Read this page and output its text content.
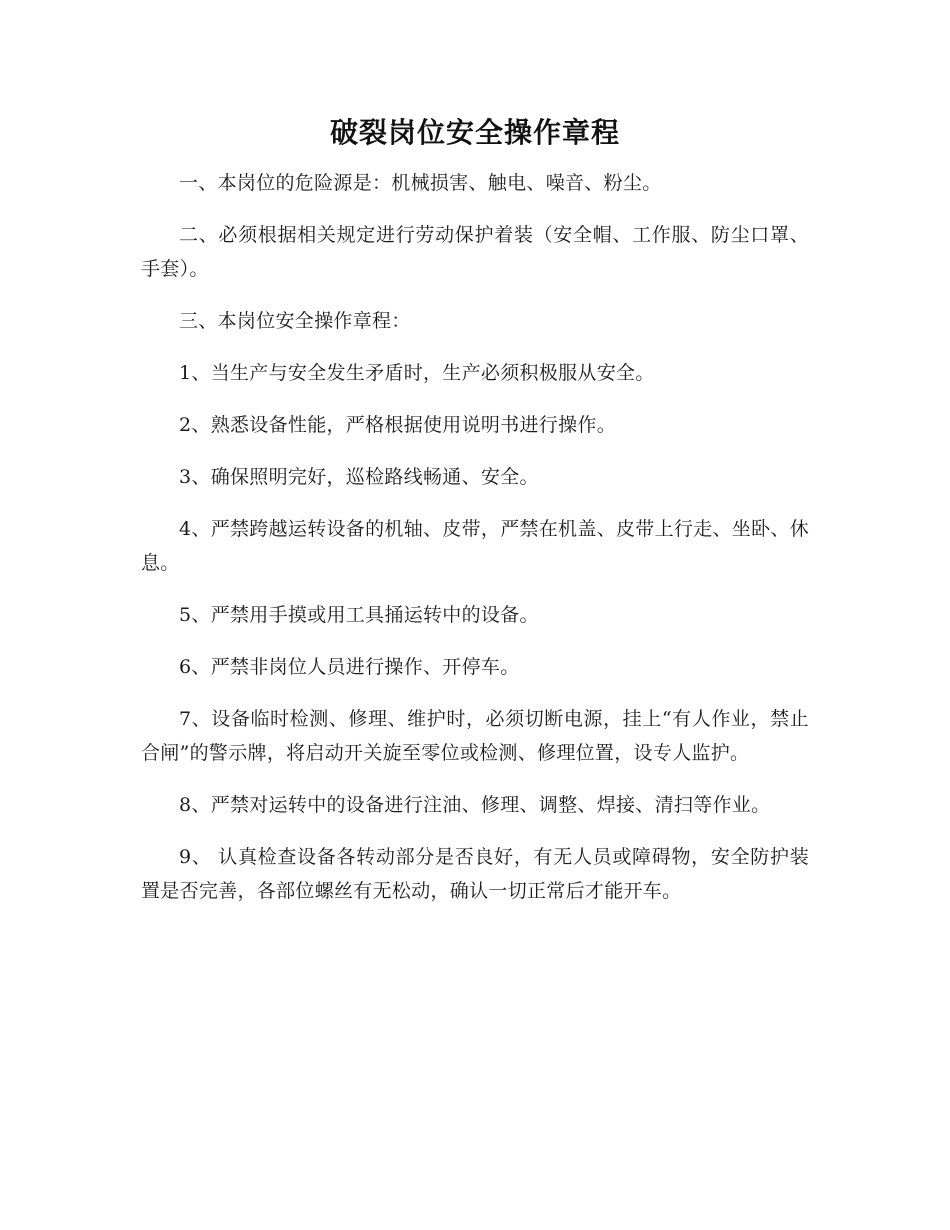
破裂岗位安全操作章程

一、本岗位的危险源是：机械损害、触电、噪音、粉尘。

二、必须根据相关规定进行劳动保护着装（安全帽、工作服、防尘口罩、手套）。

三、本岗位安全操作章程：

1、当生产与安全发生矛盾时，生产必须积极服从安全。

2、熟悉设备性能，严格根据使用说明书进行操作。

3、确保照明完好，巡检路线畅通、安全。

4、严禁跨越运转设备的机轴、皮带，严禁在机盖、皮带上行走、坐卧、休息。

5、严禁用手摸或用工具捅运转中的设备。

6、严禁非岗位人员进行操作、开停车。

7、设备临时检测、修理、维护时，必须切断电源，挂上“有人作业，禁止合闸”的警示牌，将启动开关旋至零位或检测、修理位置，设专人监护。

8、严禁对运转中的设备进行注油、修理、调整、焊接、清扫等作业。

9、 认真检查设备各转动部分是否良好，有无人员或障碍物，安全防护装置是否完善，各部位螺丝有无松动，确认一切正常后才能开车。
